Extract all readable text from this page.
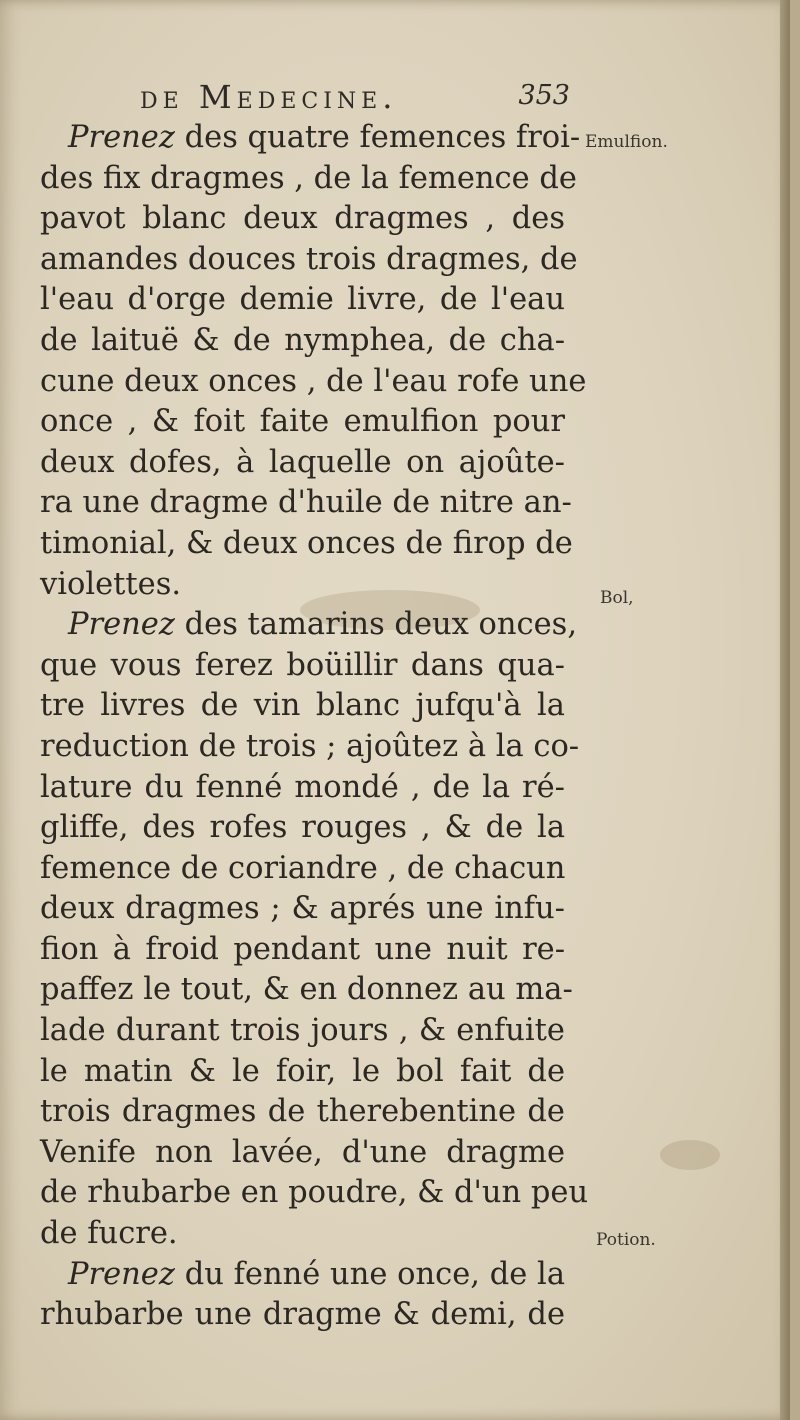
de Medecine.	353
Prenez des quatre femences froi-
des fix dragmes , de la femence de
pavot blanc deux dragmes , des
amandes douces trois dragmes, de
l'eau d'orge demie livre, de l'eau
de laituë & de nymphea, de cha-
cune deux onces , de l'eau rofe une
once , & foit faite emulfion pour
deux dofes, à laquelle on ajoûte-
ra une dragme d'huile de nitre an-
timonial, & deux onces de firop de
violettes.
Prenez des tamarins deux onces,
que vous ferez boüillir dans qua-
tre livres de vin blanc jufqu'à la
reduction de trois ; ajoûtez à la co-
lature du fenné mondé , de la ré-
gliffe, des rofes rouges , & de la
femence de coriandre , de chacun
deux dragmes ; & aprés une infu-
fion à froid pendant une nuit re-
paffez le tout, & en donnez au ma-
lade durant trois jours , & enfuite
le matin & le foir, le bol fait de
trois dragmes de therebentine de
Venife non lavée, d'une dragme
de rhubarbe en poudre, & d'un peu
de fucre.
Prenez du fenné une once, de la
rhubarbe une dragme & demi, de
Emulfion.
Bol,
Potion.
